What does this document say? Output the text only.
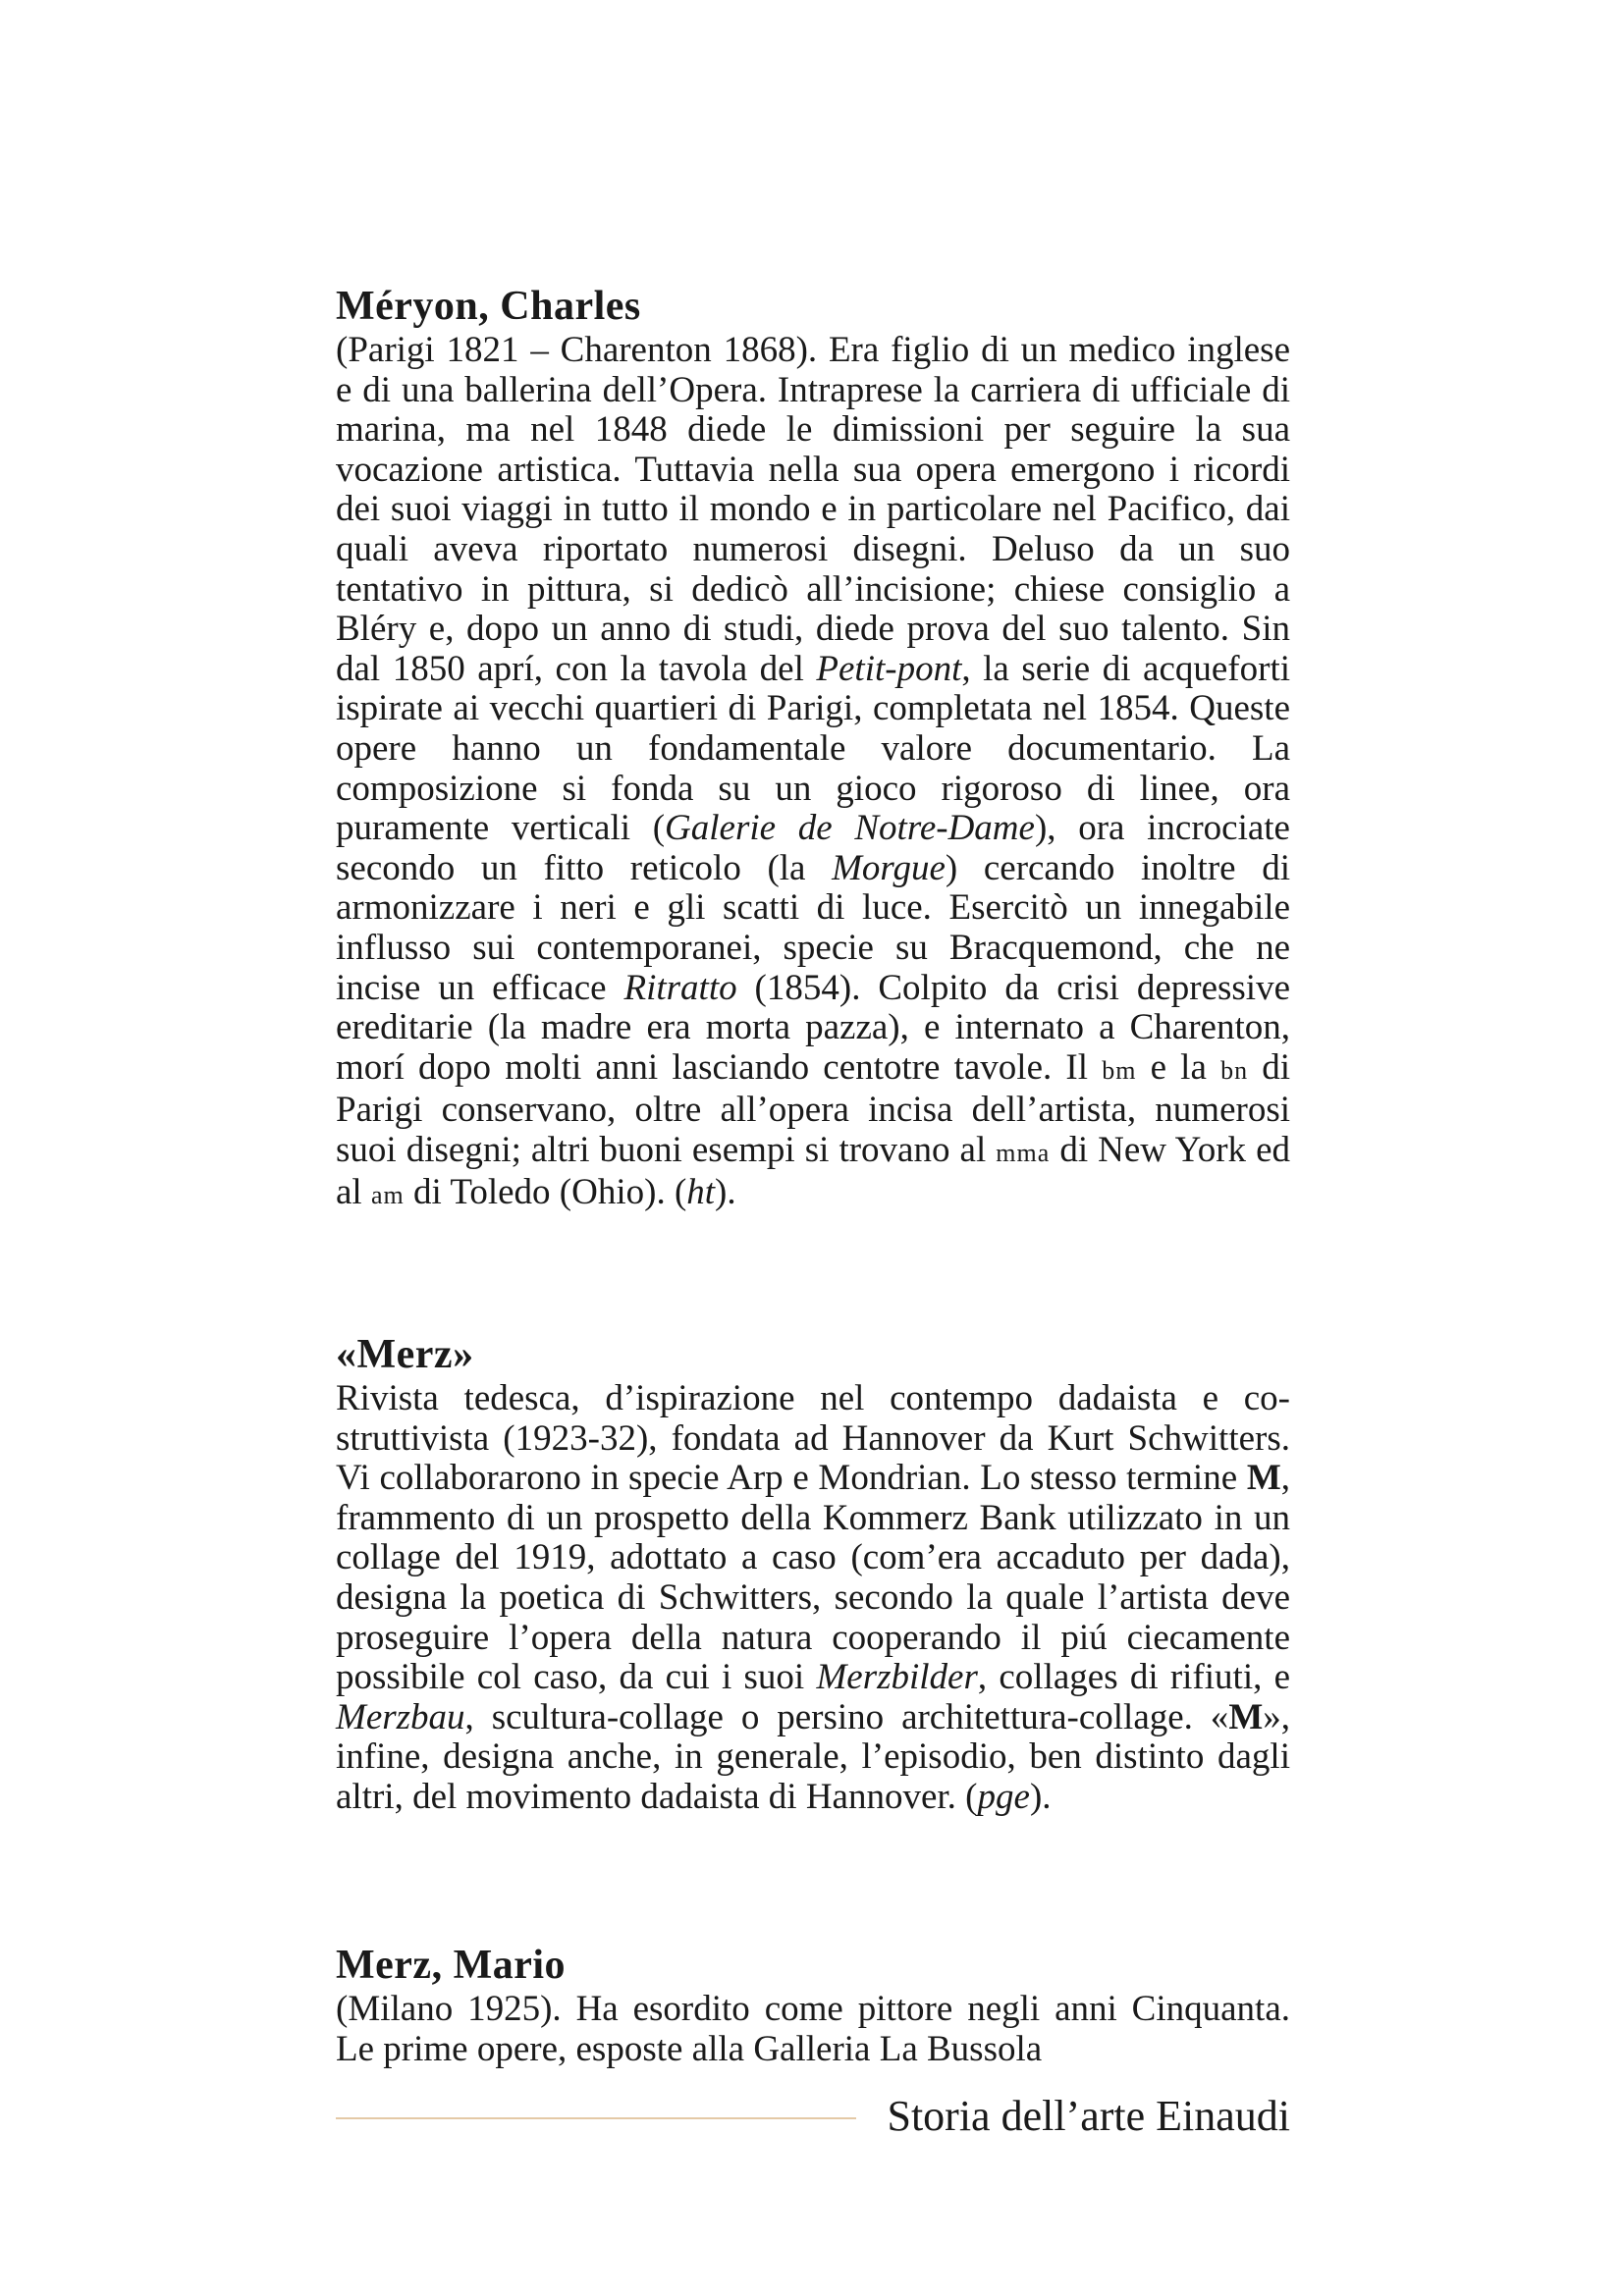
Méryon, Charles

(Parigi 1821 – Charenton 1868). Era figlio di un medico inglese e di una ballerina dell’Opera. Intraprese la carriera di ufficiale di marina, ma nel 1848 diede le dimissioni per seguire la sua vocazione artistica. Tuttavia nella sua opera emergono i ricordi dei suoi viaggi in tutto il mondo e in particolare nel Pacifico, dai quali aveva riportato numerosi disegni. Deluso da un suo tentativo in pittura, si dedicò all’incisione; chiese consiglio a Bléry e, dopo un anno di studi, diede prova del suo talento. Sin dal 1850 aprí, con la tavola del Petit-pont, la serie di acqueforti ispirate ai vecchi quartieri di Parigi, completata nel 1854. Queste opere hanno un fondamentale valore documentario. La composizione si fonda su un gioco rigoroso di linee, ora puramente verticali (Galerie de Notre-Dame), ora incrociate secondo un fitto reticolo (la Morgue) cercando inoltre di armonizzare i neri e gli scatti di luce. Esercitò un innegabile influsso sui contemporanei, specie su Bracquemond, che ne incise un efficace Ritratto (1854). Colpito da crisi depressive ereditarie (la madre era morta pazza), e internato a Charenton, morí dopo molti anni lasciando centotre tavole. Il bm e la bn di Parigi conservano, oltre all’opera incisa dell’artista, numerosi suoi disegni; altri buoni esempi si trovano al mma di New York ed al am di Toledo (Ohio). (ht).

«Merz»

Rivista tedesca, d’ispirazione nel contempo dadaista e costruttivista (1923-32), fondata ad Hannover da Kurt Schwitters. Vi collaborarono in specie Arp e Mondrian. Lo stesso termine M, frammento di un prospetto della Kommerz Bank utilizzato in un collage del 1919, adottato a caso (com’era accaduto per dada), designa la poetica di Schwitters, secondo la quale l’artista deve proseguire l’opera della natura cooperando il piú ciecamente possibile col caso, da cui i suoi Merzbilder, collages di rifiuti, e Merzbau, scultura-collage o persino architettura-collage. «M», infine, designa anche, in generale, l’episodio, ben distinto dagli altri, del movimento dadaista di Hannover. (pge).

Merz, Mario

(Milano 1925). Ha esordito come pittore negli anni Cinquanta. Le prime opere, esposte alla Galleria La Bussola

Storia dell’arte Einaudi
